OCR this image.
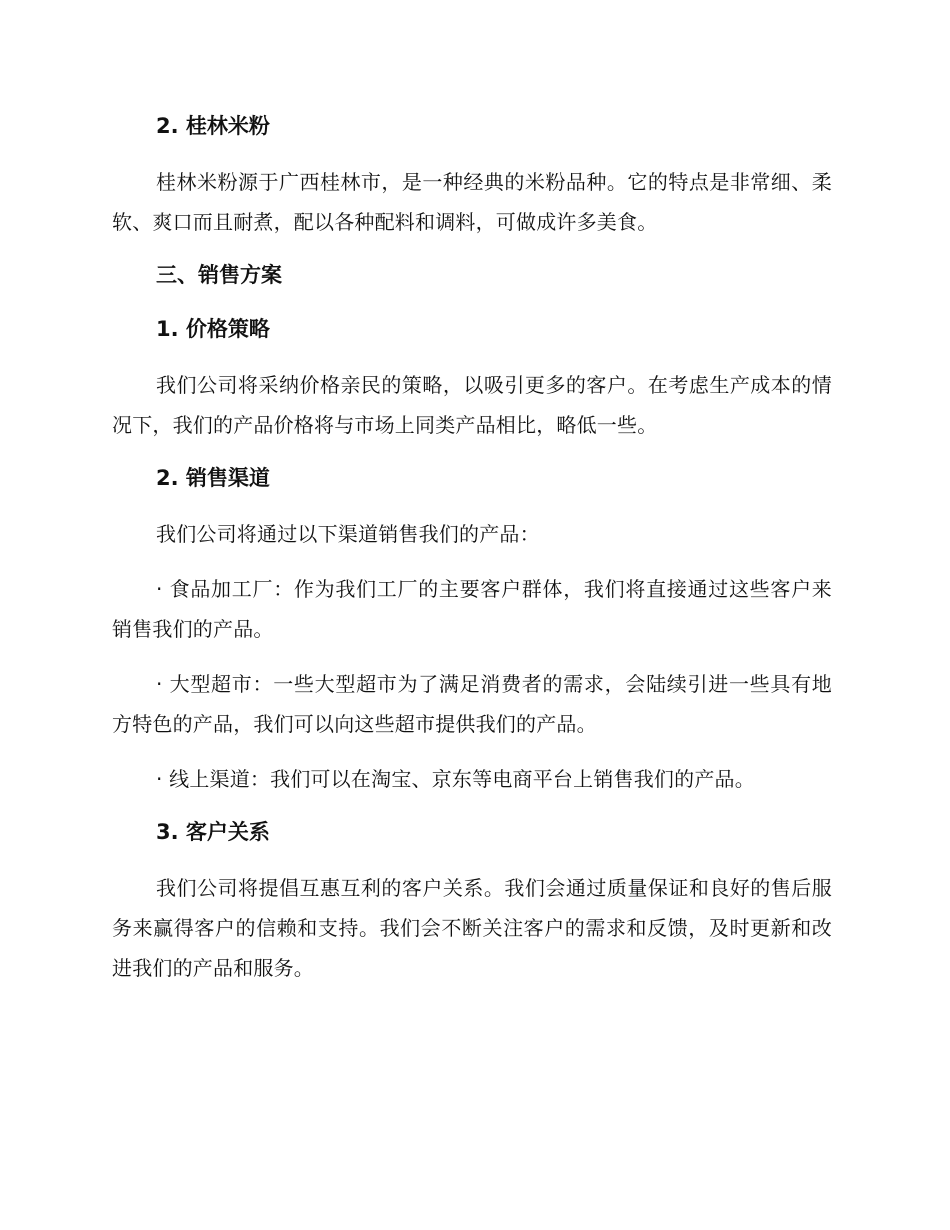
2. 桂林米粉

桂林米粉源于广西桂林市，是一种经典的米粉品种。它的特点是非常细、柔软、爽口而且耐煮，配以各种配料和调料，可做成许多美食。

三、销售方案
1. 价格策略

我们公司将采纳价格亲民的策略，以吸引更多的客户。在考虑生产成本的情况下，我们的产品价格将与市场上同类产品相比，略低一些。

2. 销售渠道

我们公司将通过以下渠道销售我们的产品：

· 食品加工厂：作为我们工厂的主要客户群体，我们将直接通过这些客户来销售我们的产品。

· 大型超市：一些大型超市为了满足消费者的需求，会陆续引进一些具有地方特色的产品，我们可以向这些超市提供我们的产品。

· 线上渠道：我们可以在淘宝、京东等电商平台上销售我们的产品。

3. 客户关系

我们公司将提倡互惠互利的客户关系。我们会通过质量保证和良好的售后服务来赢得客户的信赖和支持。我们会不断关注客户的需求和反馈，及时更新和改进我们的产品和服务。
